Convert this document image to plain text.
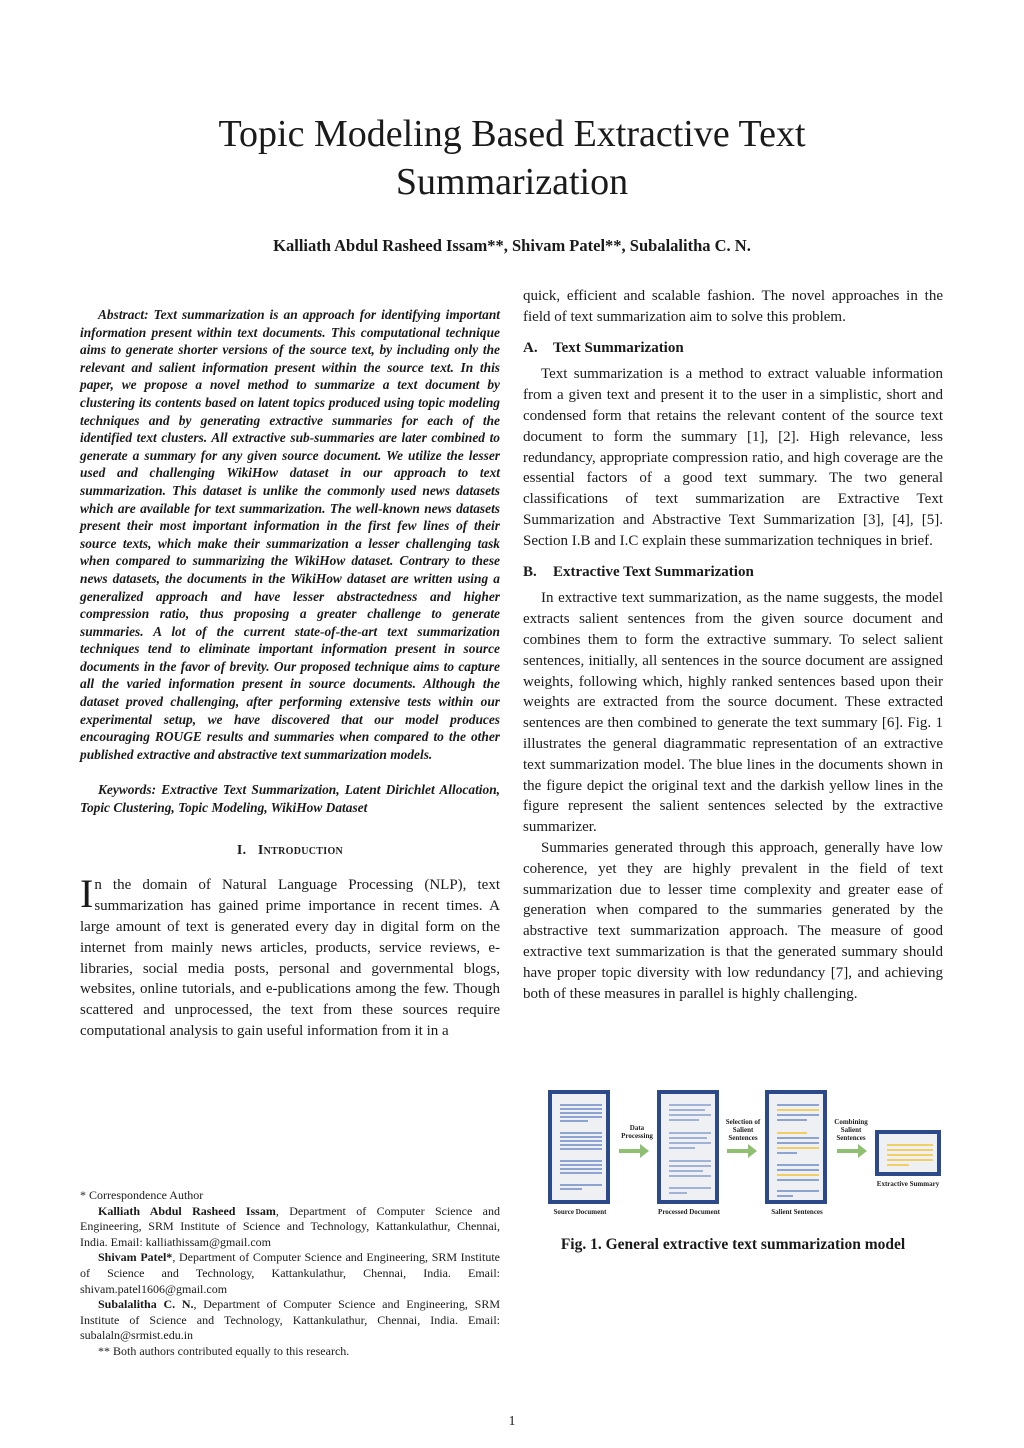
Topic Modeling Based Extractive Text
Summarization
Kalliath Abdul Rasheed Issam**, Shivam Patel**, Subalalitha C. N.

Abstract: Text summarization is an approach for identifying important information present within text documents. This computational technique aims to generate shorter versions of the source text, by including only the relevant and salient information present within the source text. In this paper, we propose a novel method to summarize a text document by clustering its contents based on latent topics produced using topic modeling techniques and by generating extractive summaries for each of the identified text clusters. All extractive sub-summaries are later combined to generate a summary for any given source document. We utilize the lesser used and challenging WikiHow dataset in our approach to text summarization. This dataset is unlike the commonly used news datasets which are available for text summarization. The well-known news datasets present their most important information in the first few lines of their source texts, which make their summarization a lesser challenging task when compared to summarizing the WikiHow dataset. Contrary to these news datasets, the documents in the WikiHow dataset are written using a generalized approach and have lesser abstractedness and higher compression ratio, thus proposing a greater challenge to generate summaries. A lot of the current state-of-the-art text summarization techniques tend to eliminate important information present in source documents in the favor of brevity. Our proposed technique aims to capture all the varied information present in source documents. Although the dataset proved challenging, after performing extensive tests within our experimental setup, we have discovered that our model produces encouraging ROUGE results and summaries when compared to the other published extractive and abstractive text summarization models.

Keywords: Extractive Text Summarization, Latent Dirichlet Allocation, Topic Clustering, Topic Modeling, WikiHow Dataset

I. Introduction

In the domain of Natural Language Processing (NLP), text summarization has gained prime importance in recent times. A large amount of text is generated every day in digital form on the internet from mainly news articles, products, service reviews, e-libraries, social media posts, personal and governmental blogs, websites, online tutorials, and e-publications among the few. Though scattered and unprocessed, the text from these sources require computational analysis to gain useful information from it in a

* Correspondence Author

Kalliath Abdul Rasheed Issam, Department of Computer Science and Engineering, SRM Institute of Science and Technology, Kattankulathur, Chennai, India. Email: kalliathissam@gmail.com

Shivam Patel*, Department of Computer Science and Engineering, SRM Institute of Science and Technology, Kattankulathur, Chennai, India. Email: shivam.patel1606@gmail.com

Subalalitha C. N., Department of Computer Science and Engineering, SRM Institute of Science and Technology, Kattankulathur, Chennai, India. Email: subalaln@srmist.edu.in

** Both authors contributed equally to this research.

quick, efficient and scalable fashion. The novel approaches in the field of text summarization aim to solve this problem.

A. Text Summarization

Text summarization is a method to extract valuable information from a given text and present it to the user in a simplistic, short and condensed form that retains the relevant content of the source text document to form the summary [1], [2]. High relevance, less redundancy, appropriate compression ratio, and high coverage are the essential factors of a good text summary. The two general classifications of text summarization are Extractive Text Summarization and Abstractive Text Summarization [3], [4], [5]. Section I.B and I.C explain these summarization techniques in brief.

B. Extractive Text Summarization

In extractive text summarization, as the name suggests, the model extracts salient sentences from the given source document and combines them to form the extractive summary. To select salient sentences, initially, all sentences in the source document are assigned weights, following which, highly ranked sentences based upon their weights are extracted from the source document. These extracted sentences are then combined to generate the text summary [6]. Fig. 1 illustrates the general diagrammatic representation of an extractive text summarization model. The blue lines in the documents shown in the figure depict the original text and the darkish yellow lines in the figure represent the salient sentences selected by the extractive summarizer.

Summaries generated through this approach, generally have low coherence, yet they are highly prevalent in the field of text summarization due to lesser time complexity and greater ease of generation when compared to the summaries generated by the abstractive text summarization approach. The measure of good extractive text summarization is that the generated summary should have proper topic diversity with low redundancy [7], and achieving both of these measures in parallel is highly challenging.

Source Document
Data
Processing
Processed Document
Selection of
Salient
Sentences
Salient Sentences
Combining
Salient
Sentences
Extractive Summary
Fig. 1. General extractive text summarization model
1
